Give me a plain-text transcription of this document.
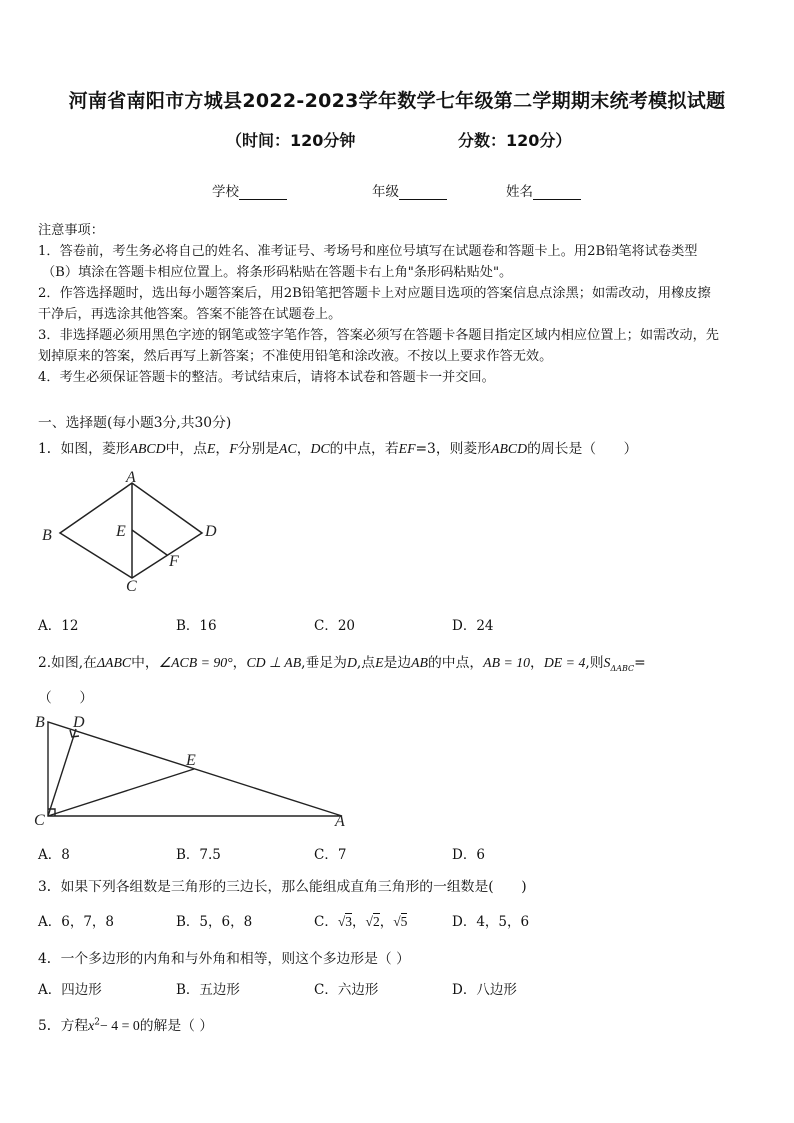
河南省南阳市方城县2022-2023学年数学七年级第二学期期末统考模拟试题
（时间：120分钟	分数：120分）
学校	年级	姓名
注意事项：
1．答卷前，考生务必将自己的姓名、准考证号、考场号和座位号填写在试题卷和答题卡上。用2B铅笔将试卷类型
（B）填涂在答题卡相应位置上。将条形码粘贴在答题卡右上角"条形码粘贴处"。
2．作答选择题时，选出每小题答案后，用2B铅笔把答题卡上对应题目选项的答案信息点涂黑；如需改动，用橡皮擦
干净后，再选涂其他答案。答案不能答在试题卷上。
3．非选择题必须用黑色字迹的钢笔或签字笔作答，答案必须写在答题卡各题目指定区域内相应位置上；如需改动，先
划掉原来的答案，然后再写上新答案；不准使用铅笔和涂改液。不按以上要求作答无效。
4．考生必须保证答题卡的整洁。考试结束后，请将本试卷和答题卡一并交回。
一、选择题(每小题3分,共30分)
1．如图，菱形ABCD中，点E，F分别是AC，DC的中点，若EF=3，则菱形ABCD的周长是（　　）
A
B	E	D
F
C
A．12	B．16	C．20	D．24
2.如图,在ΔABC中，∠ACB = 90°，CD ⊥ AB,垂足为D,点E是边AB的中点，AB = 10，DE = 4,则$S_{\Delta ABC}=$
（　　）
B D
E
C	A
A．8	B．7.5	C．7	D．6
3．如果下列各组数是三角形的三边长，那么能组成直角三角形的一组数是(　　)
A．6，7，8	B．5，6，8	C．√3，√2，√5	D．4，5，6
4．一个多边形的内角和与外角和相等，则这个多边形是（ ）
A．四边形	B．五边形	C．六边形	D．八边形
5．方程$x^2- 4 = 0$的解是（ ）
